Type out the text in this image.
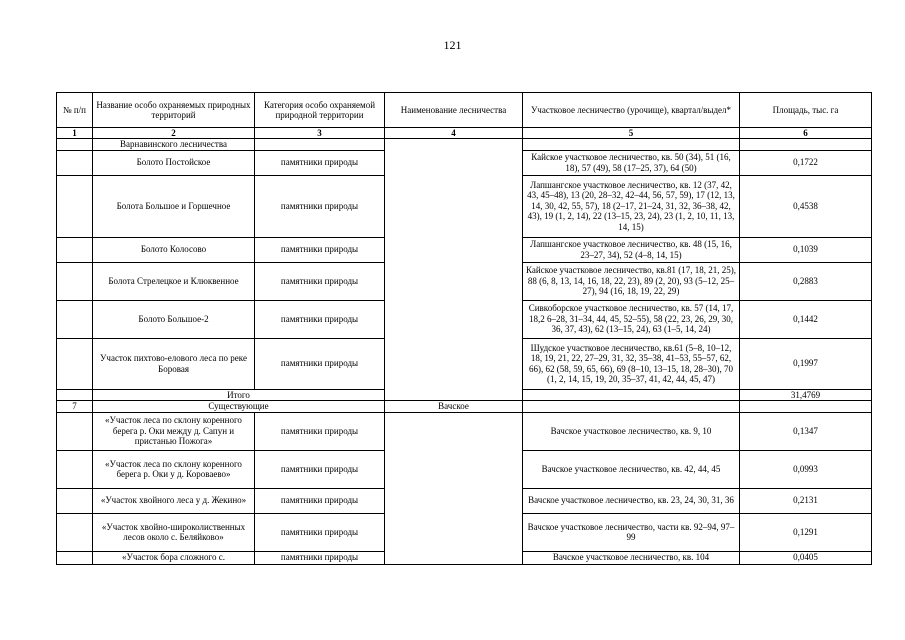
121
№ п/п	Название особо охраняемых природных территорий	Категория особо охраняемой природной территории	Наименование лесничества	Участковое лесничество (урочище), квартал/выдел*	Площадь, тыс. га
1	2	3	4	5	6
	Варнавинского лесничества				
	Болото Постойское	памятники природы		Кайское участковое лесничество, кв. 50 (34), 51 (16, 18), 57 (49), 58 (17–25, 37), 64 (50)	0,1722
	Болота Большое и Горшечное	памятники природы		Лапшангское участковое лесничество, кв. 12 (37, 42, 43, 45–48), 13 (20, 28–32, 42–44, 56, 57, 59), 17 (12, 13, 14, 30, 42, 55, 57), 18 (2–17, 21–24, 31, 32, 36–38, 42, 43), 19 (1, 2, 14), 22 (13–15, 23, 24), 23 (1, 2, 10, 11, 13, 14, 15)	0,4538
	Болото Колосово	памятники природы		Лапшангское участковое лесничество, кв. 48 (15, 16, 23–27, 34), 52 (4–8, 14, 15)	0,1039
	Болота Стрелецкое и Клюквенное	памятники природы		Кайское участковое лесничество, кв.81 (17, 18, 21, 25), 88 (6, 8, 13, 14, 16, 18, 22, 23), 89 (2, 20), 93 (5–12, 25–27), 94 (16, 18, 19, 22, 29)	0,2883
	Болото Большое-2	памятники природы		Сивкоборское участковое лесничество, кв. 57 (14, 17, 18,2 6–28, 31–34, 44, 45, 52–55), 58 (22, 23, 26, 29, 30, 36, 37, 43), 62 (13–15, 24), 63 (1–5, 14, 24)	0,1442
	Участок пихтово-елового леса по реке Боровая	памятники природы		Шудское участковое лесничество, кв.61 (5–8, 10–12, 18, 19, 21, 22, 27–29, 31, 32, 35–38, 41–53, 55–57, 62, 66), 62 (58, 59, 65, 66), 69 (8–10, 13–15, 18, 28–30), 70 (1, 2, 14, 15, 19, 20, 35–37, 41, 42, 44, 45, 47)	0,1997
	Итого				31,4769
7	Существующие		Вачское		
	«Участок леса по склону коренного берега р. Оки между д. Сапун и пристанью Пожога»	памятники природы		Вачское участковое лесничество, кв. 9, 10	0,1347
	«Участок леса по склону коренного берега р. Оки у д. Короваево»	памятники природы		Вачское участковое лесничество, кв. 42, 44, 45	0,0993
	«Участок хвойного леса у д. Жекино»	памятники природы		Вачское участковое лесничество, кв. 23, 24, 30, 31, 36	0,2131
	«Участок хвойно-широколиственных лесов около с. Беляйково»	памятники природы		Вачское участковое лесничество, части кв. 92–94, 97–99	0,1291
	«Участок бора сложного с.	памятники природы		Вачское участковое лесничество, кв. 104	0,0405
